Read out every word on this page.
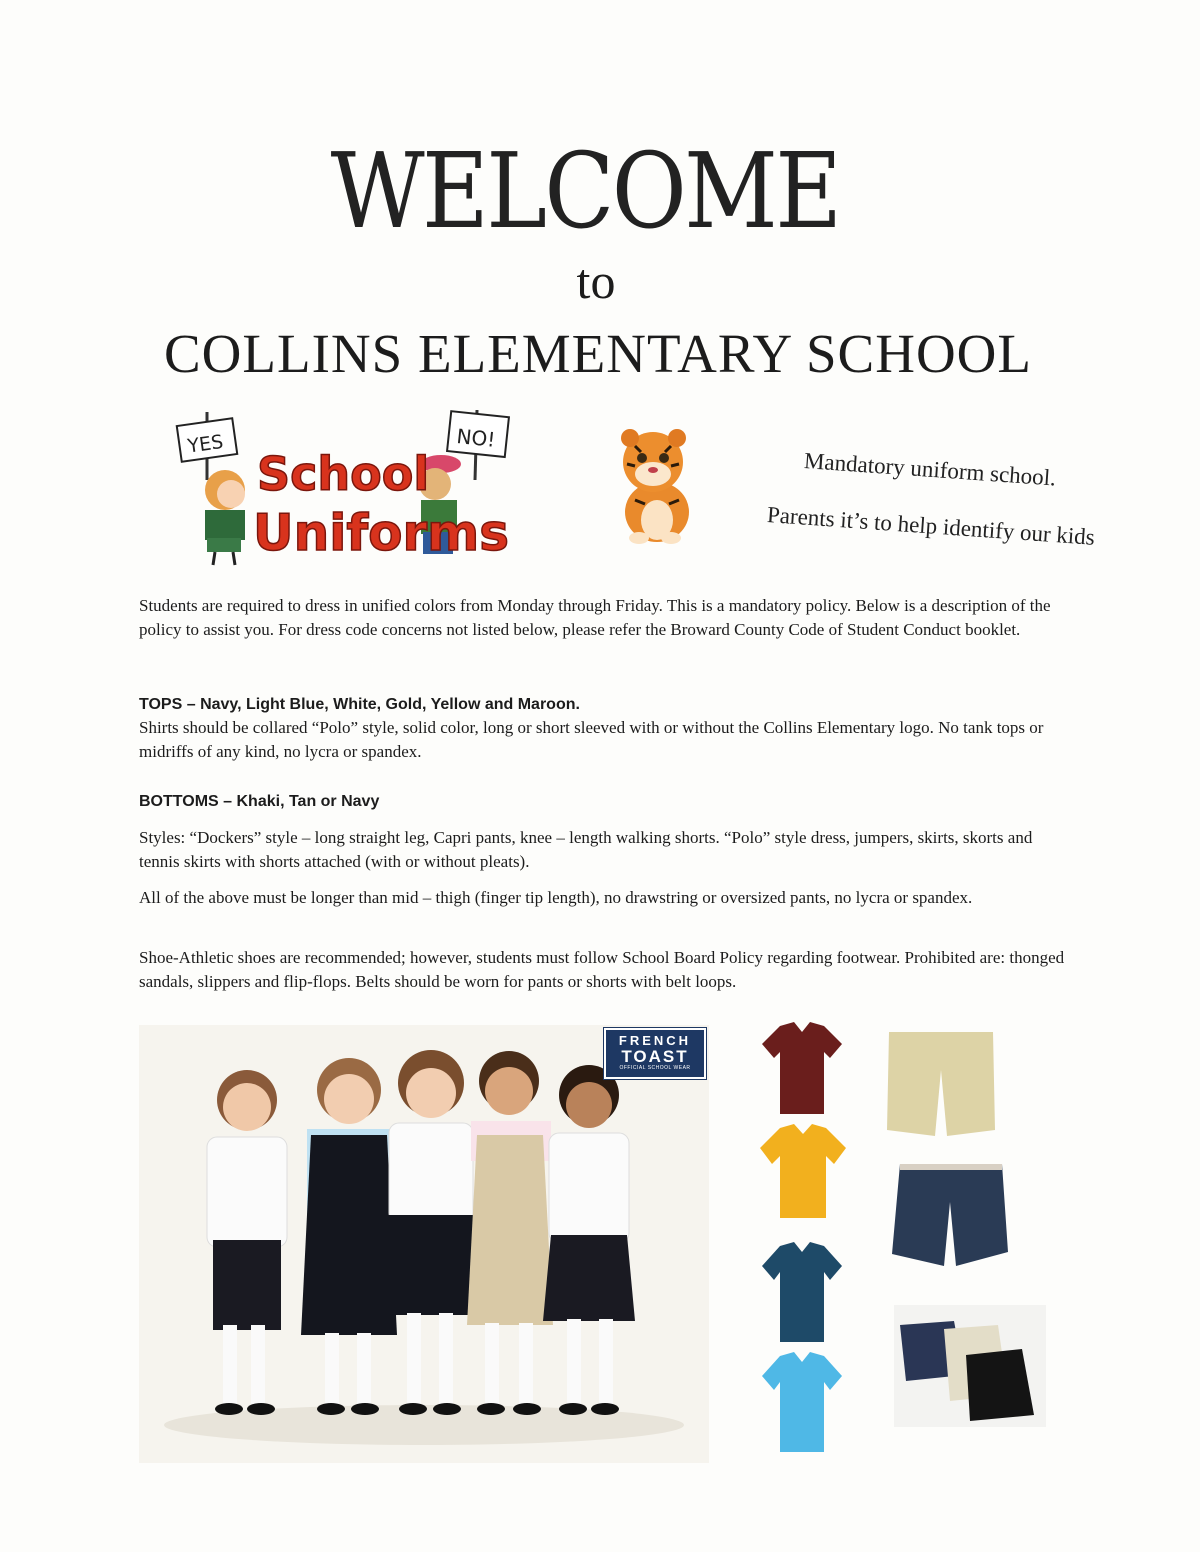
WELCOME
to
COLLINS ELEMENTARY SCHOOL
YES	NO!
School
Uniforms
Mandatory uniform school.
Parents it’s to help identify our kids
Students are required to dress in unified colors from Monday through Friday. This is a mandatory policy. Below is a description of the policy to assist you. For dress code concerns not listed below, please refer the Broward County Code of Student Conduct booklet.
TOPS – Navy, Light Blue, White, Gold, Yellow and Maroon.
Shirts should be collared “Polo” style, solid color, long or short sleeved with or without the Collins Elementary logo. No tank tops or midriffs of any kind, no lycra or spandex.
BOTTOMS – Khaki, Tan or Navy
Styles: “Dockers” style – long straight leg, Capri pants, knee – length walking shorts. “Polo” style dress, jumpers, skirts, skorts and tennis skirts with shorts attached (with or without pleats).
All of the above must be longer than mid – thigh (finger tip length), no drawstring or oversized pants, no lycra or spandex.
Shoe-Athletic shoes are recommended; however, students must follow School Board Policy regarding footwear. Prohibited are: thonged sandals, slippers and flip-flops. Belts should be worn for pants or shorts with belt loops.
FRENCH
TOAST
OFFICIAL SCHOOL WEAR
